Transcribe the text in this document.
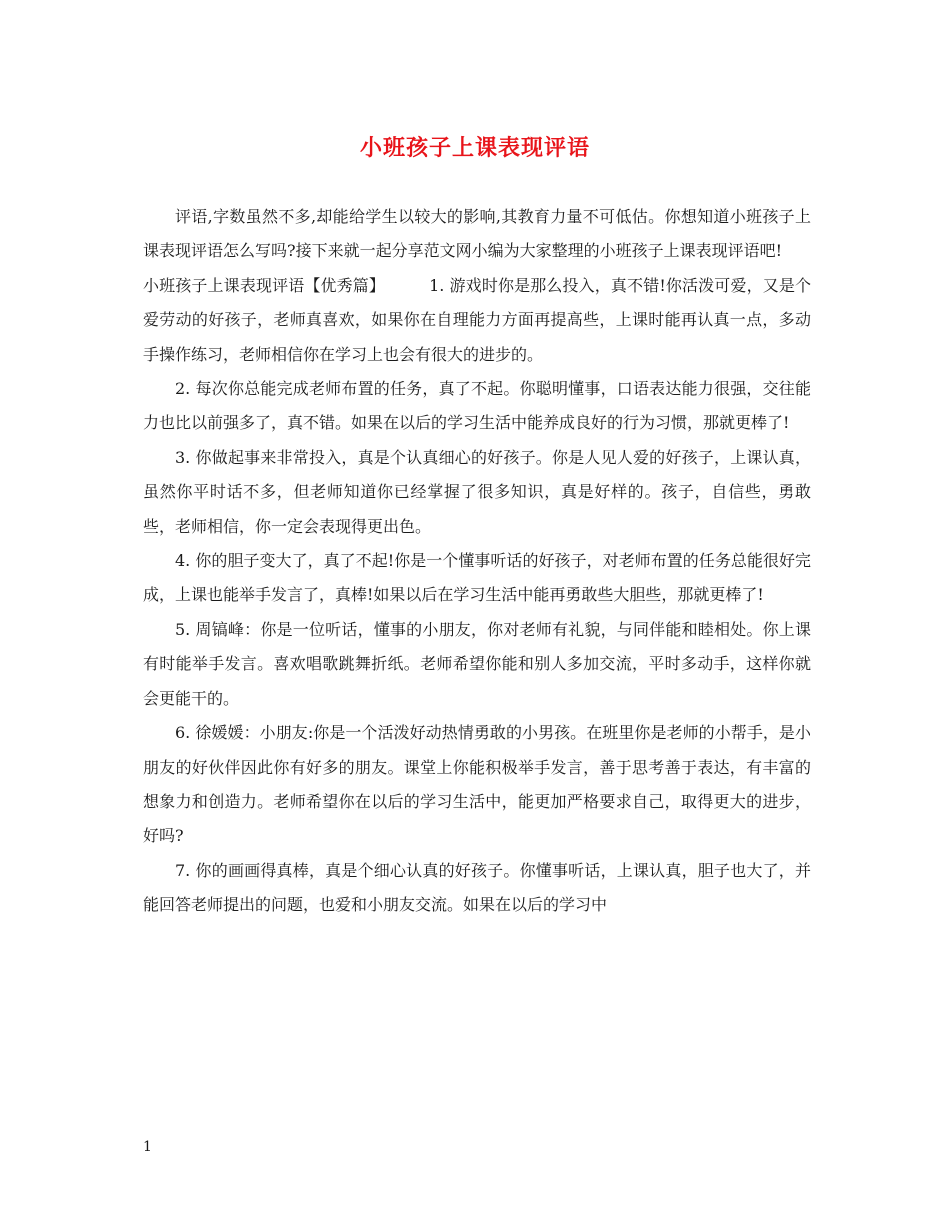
小班孩子上课表现评语

评语,字数虽然不多,却能给学生以较大的影响,其教育力量不可低估。你想知道小班孩子上课表现评语怎么写吗?接下来就一起分享范文网小编为大家整理的小班孩子上课表现评语吧!

小班孩子上课表现评语【优秀篇】	1. 游戏时你是那么投入，真不错!你活泼可爱，又是个爱劳动的好孩子，老师真喜欢，如果你在自理能力方面再提高些，上课时能再认真一点，多动手操作练习，老师相信你在学习上也会有很大的进步的。

2. 每次你总能完成老师布置的任务，真了不起。你聪明懂事，口语表达能力很强，交往能力也比以前强多了，真不错。如果在以后的学习生活中能养成良好的行为习惯，那就更棒了!

3. 你做起事来非常投入，真是个认真细心的好孩子。你是人见人爱的好孩子，上课认真，虽然你平时话不多，但老师知道你已经掌握了很多知识，真是好样的。孩子，自信些，勇敢些，老师相信，你一定会表现得更出色。

4. 你的胆子变大了，真了不起!你是一个懂事听话的好孩子，对老师布置的任务总能很好完成，上课也能举手发言了，真棒!如果以后在学习生活中能再勇敢些大胆些，那就更棒了!

5. 周镐峰：你是一位听话，懂事的小朋友，你对老师有礼貌，与同伴能和睦相处。你上课有时能举手发言。喜欢唱歌跳舞折纸。老师希望你能和别人多加交流，平时多动手，这样你就会更能干的。

6. 徐媛媛：小朋友:你是一个活泼好动热情勇敢的小男孩。在班里你是老师的小帮手，是小朋友的好伙伴因此你有好多的朋友。课堂上你能积极举手发言，善于思考善于表达，有丰富的想象力和创造力。老师希望你在以后的学习生活中，能更加严格要求自己，取得更大的进步，好吗?

7. 你的画画得真棒，真是个细心认真的好孩子。你懂事听话，上课认真，胆子也大了，并能回答老师提出的问题，也爱和小朋友交流。如果在以后的学习中

1
